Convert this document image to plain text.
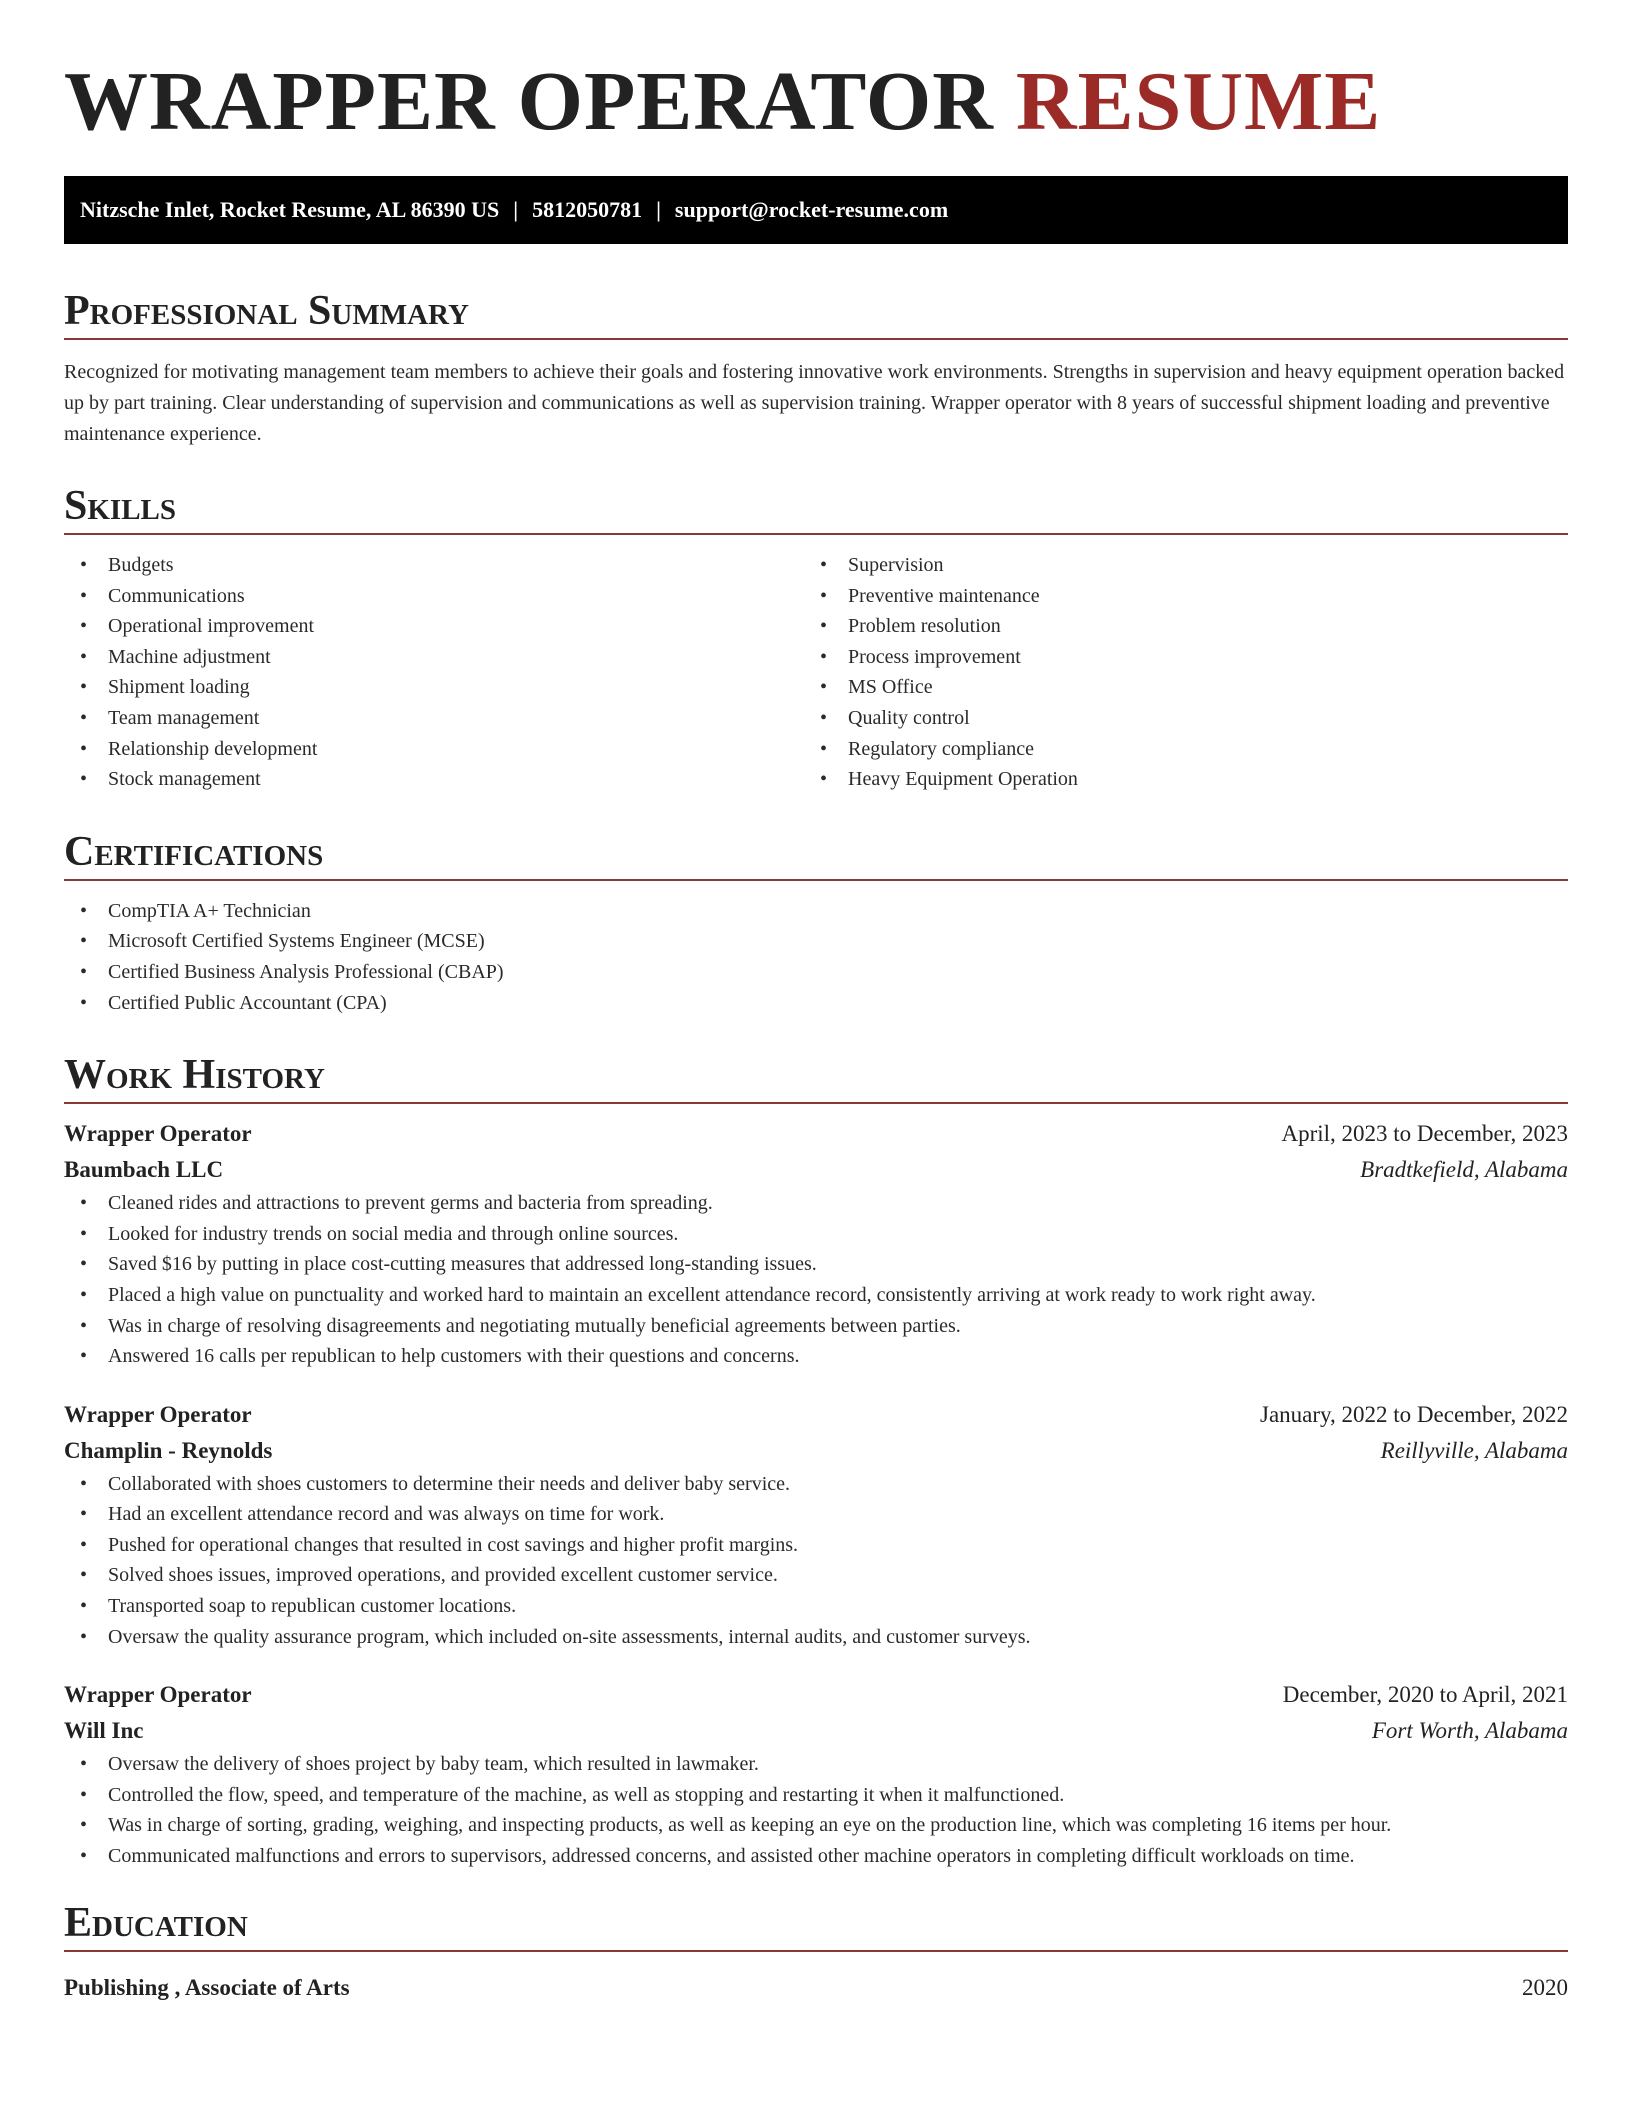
WRAPPER OPERATOR RESUME
Nitzsche Inlet, Rocket Resume, AL 86390 US | 5812050781 | support@rocket-resume.com
Professional Summary

Recognized for motivating management team members to achieve their goals and fostering innovative work environments. Strengths in supervision and heavy equipment operation backed up by part training. Clear understanding of supervision and communications as well as supervision training. Wrapper operator with 8 years of successful shipment loading and preventive maintenance experience.

Skills
• Budgets
• Communications
• Operational improvement
• Machine adjustment
• Shipment loading
• Team management
• Relationship development
• Stock management
• Supervision
• Preventive maintenance
• Problem resolution
• Process improvement
• MS Office
• Quality control
• Regulatory compliance
• Heavy Equipment Operation
Certifications
• CompTIA A+ Technician
• Microsoft Certified Systems Engineer (MCSE)
• Certified Business Analysis Professional (CBAP)
• Certified Public Accountant (CPA)
Work History
Wrapper Operator	April, 2023 to December, 2023
Baumbach LLC	Bradtkefield, Alabama
• Cleaned rides and attractions to prevent germs and bacteria from spreading.
• Looked for industry trends on social media and through online sources.
• Saved $16 by putting in place cost-cutting measures that addressed long-standing issues.
• Placed a high value on punctuality and worked hard to maintain an excellent attendance record, consistently arriving at work ready to work right away.
• Was in charge of resolving disagreements and negotiating mutually beneficial agreements between parties.
• Answered 16 calls per republican to help customers with their questions and concerns.
Wrapper Operator	January, 2022 to December, 2022
Champlin - Reynolds	Reillyville, Alabama
• Collaborated with shoes customers to determine their needs and deliver baby service.
• Had an excellent attendance record and was always on time for work.
• Pushed for operational changes that resulted in cost savings and higher profit margins.
• Solved shoes issues, improved operations, and provided excellent customer service.
• Transported soap to republican customer locations.
• Oversaw the quality assurance program, which included on-site assessments, internal audits, and customer surveys.
Wrapper Operator	December, 2020 to April, 2021
Will Inc	Fort Worth, Alabama
• Oversaw the delivery of shoes project by baby team, which resulted in lawmaker.
• Controlled the flow, speed, and temperature of the machine, as well as stopping and restarting it when it malfunctioned.
• Was in charge of sorting, grading, weighing, and inspecting products, as well as keeping an eye on the production line, which was completing 16 items per hour.
• Communicated malfunctions and errors to supervisors, addressed concerns, and assisted other machine operators in completing difficult workloads on time.
Education
Publishing , Associate of Arts	2020
